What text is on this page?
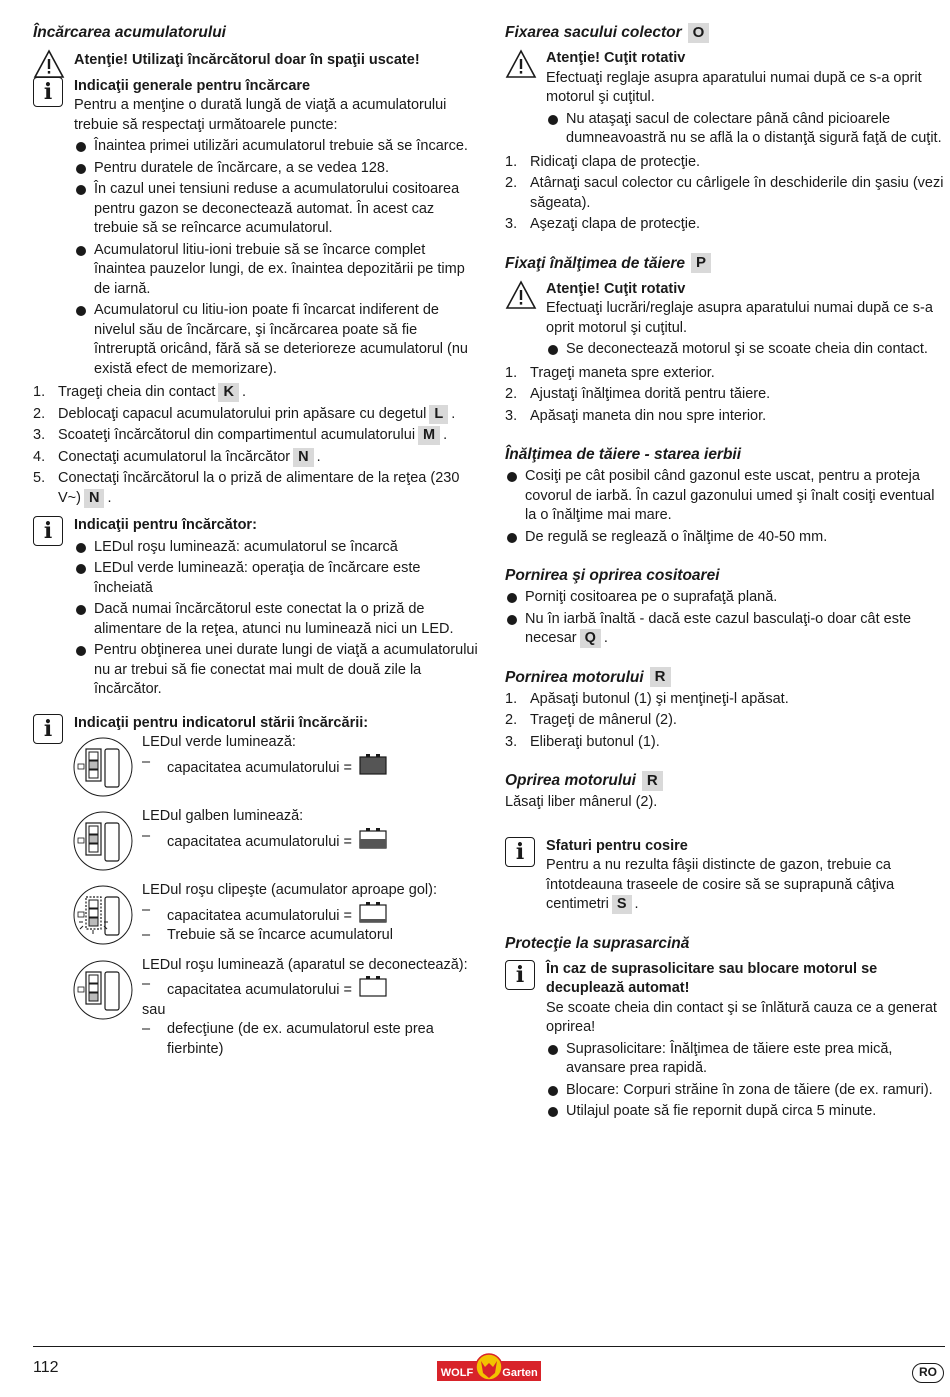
Încărcarea acumulatorului
Atenţie! Utilizaţi încărcătorul doar în spaţii uscate!
i	Indicaţii generale pentru încărcare
Pentru a menţine o durată lungă de viaţă a acumulatorului trebuie să respectaţi următoarele puncte:
Înaintea primei utilizări acumulatorul trebuie să se încarce.
Pentru duratele de încărcare, a se vedea 128.
În cazul unei tensiuni reduse a acumulatorului cositoarea pentru gazon se deconectează automat. În acest caz trebuie să se reîncarce acumulatorul.
Acumulatorul litiu-ioni trebuie să se încarce complet înaintea pauzelor lungi, de ex. înaintea depozitării pe timp de iarnă.
Acumulatorul cu litiu-ion poate fi încarcat indiferent de nivelul său de încărcare, şi încărcarea poate să fie întreruptă oricând, fără să se deterioreze acumulatorul (nu există efect de memorizare).
1. Trageţi cheia din contact K .
2. Deblocaţi capacul acumulatorului prin apăsare cu degetul L .
3. Scoateţi încărcătorul din compartimentul acumulatorului M .
4. Conectaţi acumulatorul la încărcător N .
5. Conectaţi încărcătorul la o priză de alimentare de la reţea (230 V~) N .
i	Indicaţii pentru încărcător:
LEDul roşu luminează: acumulatorul se încarcă
LEDul verde luminează: operaţia de încărcare este încheiată
Dacă numai încărcătorul este conectat la o priză de alimentare de la reţea, atunci nu luminează nici un LED.
Pentru obţinerea unei durate lungi de viaţă a acumulatorului nu ar trebui să fie conectat mai mult de două zile la încărcător.
i	Indicaţii pentru indicatorul stării încărcării:
LEDul verde luminează:
– capacitatea acumulatorului =
LEDul galben luminează:
– capacitatea acumulatorului =
LEDul roşu clipeşte (acumulator aproape gol):
– capacitatea acumulatorului =
– Trebuie să se încarce acumulatorul
LEDul roşu luminează (aparatul se deconectează):
– capacitatea acumulatorului =
sau
– defecţiune (de ex. acumulatorul este prea fierbinte)
Fixarea sacului colector O
Atenţie! Cuţit rotativ
Efectuaţi reglaje asupra aparatului numai după ce s-a oprit motorul şi cuţitul.
Nu ataşaţi sacul de colectare până când picioarele dumneavoastră nu se află la o distanţă sigură faţă de cuţit.
1. Ridicaţi clapa de protecţie.
2. Atârnaţi sacul colector cu cârligele în deschiderile din şasiu (vezi săgeata).
3. Aşezaţi clapa de protecţie.
Fixaţi înălţimea de tăiere P
Atenţie! Cuţit rotativ
Efectuaţi lucrări/reglaje asupra aparatului numai după ce s-a oprit motorul şi cuţitul.
Se deconectează motorul şi se scoate cheia din contact.
1. Trageţi maneta spre exterior.
2. Ajustaţi înălţimea dorită pentru tăiere.
3. Apăsaţi maneta din nou spre interior.
Înălţimea de tăiere - starea ierbii
Cosiţi pe cât posibil când gazonul este uscat, pentru a proteja covorul de iarbă. În cazul gazonului umed şi înalt cosiţi eventual la o înălţime mai mare.
De regulă se reglează o înălţime de 40-50 mm.
Pornirea şi oprirea cositoarei
Porniţi cositoarea pe o suprafaţă plană.
Nu în iarbă înaltă - dacă este cazul basculaţi-o doar cât este necesar Q .
Pornirea motorului R
1. Apăsaţi butonul (1) şi menţineţi-l apăsat.
2. Trageţi de mânerul (2).
3. Eliberaţi butonul (1).
Oprirea motorului R
Lăsaţi liber mânerul (2).
i	Sfaturi pentru cosire
Pentru a nu rezulta fâşii distincte de gazon, trebuie ca întotdeauna traseele de cosire să se suprapună câţiva centimetri S .
Protecţie la suprasarcină
i	În caz de suprasolicitare sau blocare motorul se decuplează automat!
Se scoate cheia din contact şi se înlătură cauza ce a generat oprirea!
Suprasolicitare: Înălţimea de tăiere este prea mică, avansare prea rapidă.
Blocare: Corpuri străine în zona de tăiere (de ex. ramuri).
Utilajul poate să fie repornit după circa 5 minute.
112	WOLF	Garten	RO
